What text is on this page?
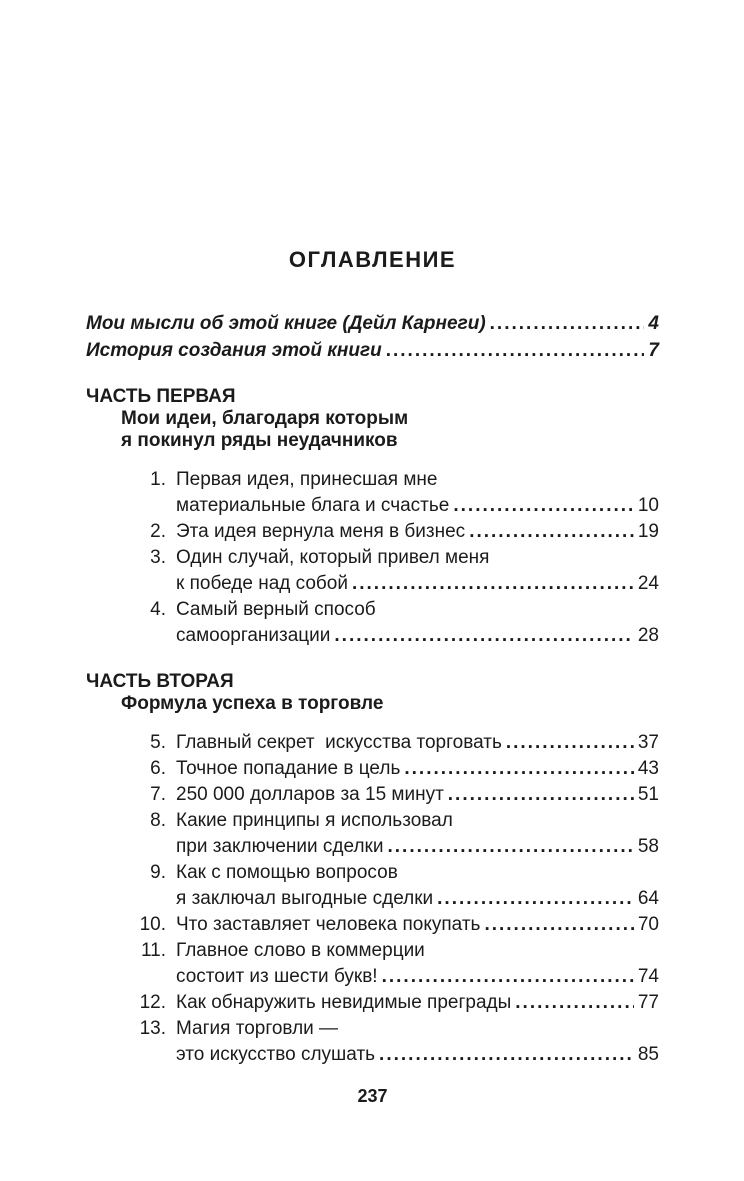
ОГЛАВЛЕНИЕ
Мои мысли об этой книге (Дейл Карнеги) .....	4
История создания этой книги .....	7
ЧАСТЬ ПЕРВАЯ
Мои идеи, благодаря которым
я покинул ряды неудачников
1. Первая идея, принесшая мне
материальные блага и счастье .....	10
2. Эта идея вернула меня в бизнес .....	19
3. Один случай, который привел меня
к победе над собой .....	24
4. Самый верный способ
самоорганизации .....	28
ЧАСТЬ ВТОРАЯ
Формула успеха в торговле
5. Главный секрет  искусства торговать .....	37
6. Точное попадание в цель .....	43
7. 250 000 долларов за 15 минут .....	51
8. Какие принципы я использовал
при заключении сделки .....	58
9. Как с помощью вопросов
я заключал выгодные сделки .....	64
10. Что заставляет человека покупать .....	70
11. Главное слово в коммерции
состоит из шести букв! .....	74
12. Как обнаружить невидимые преграды .....	77
13. Магия торговли —
это искусство слушать .....	85
237
